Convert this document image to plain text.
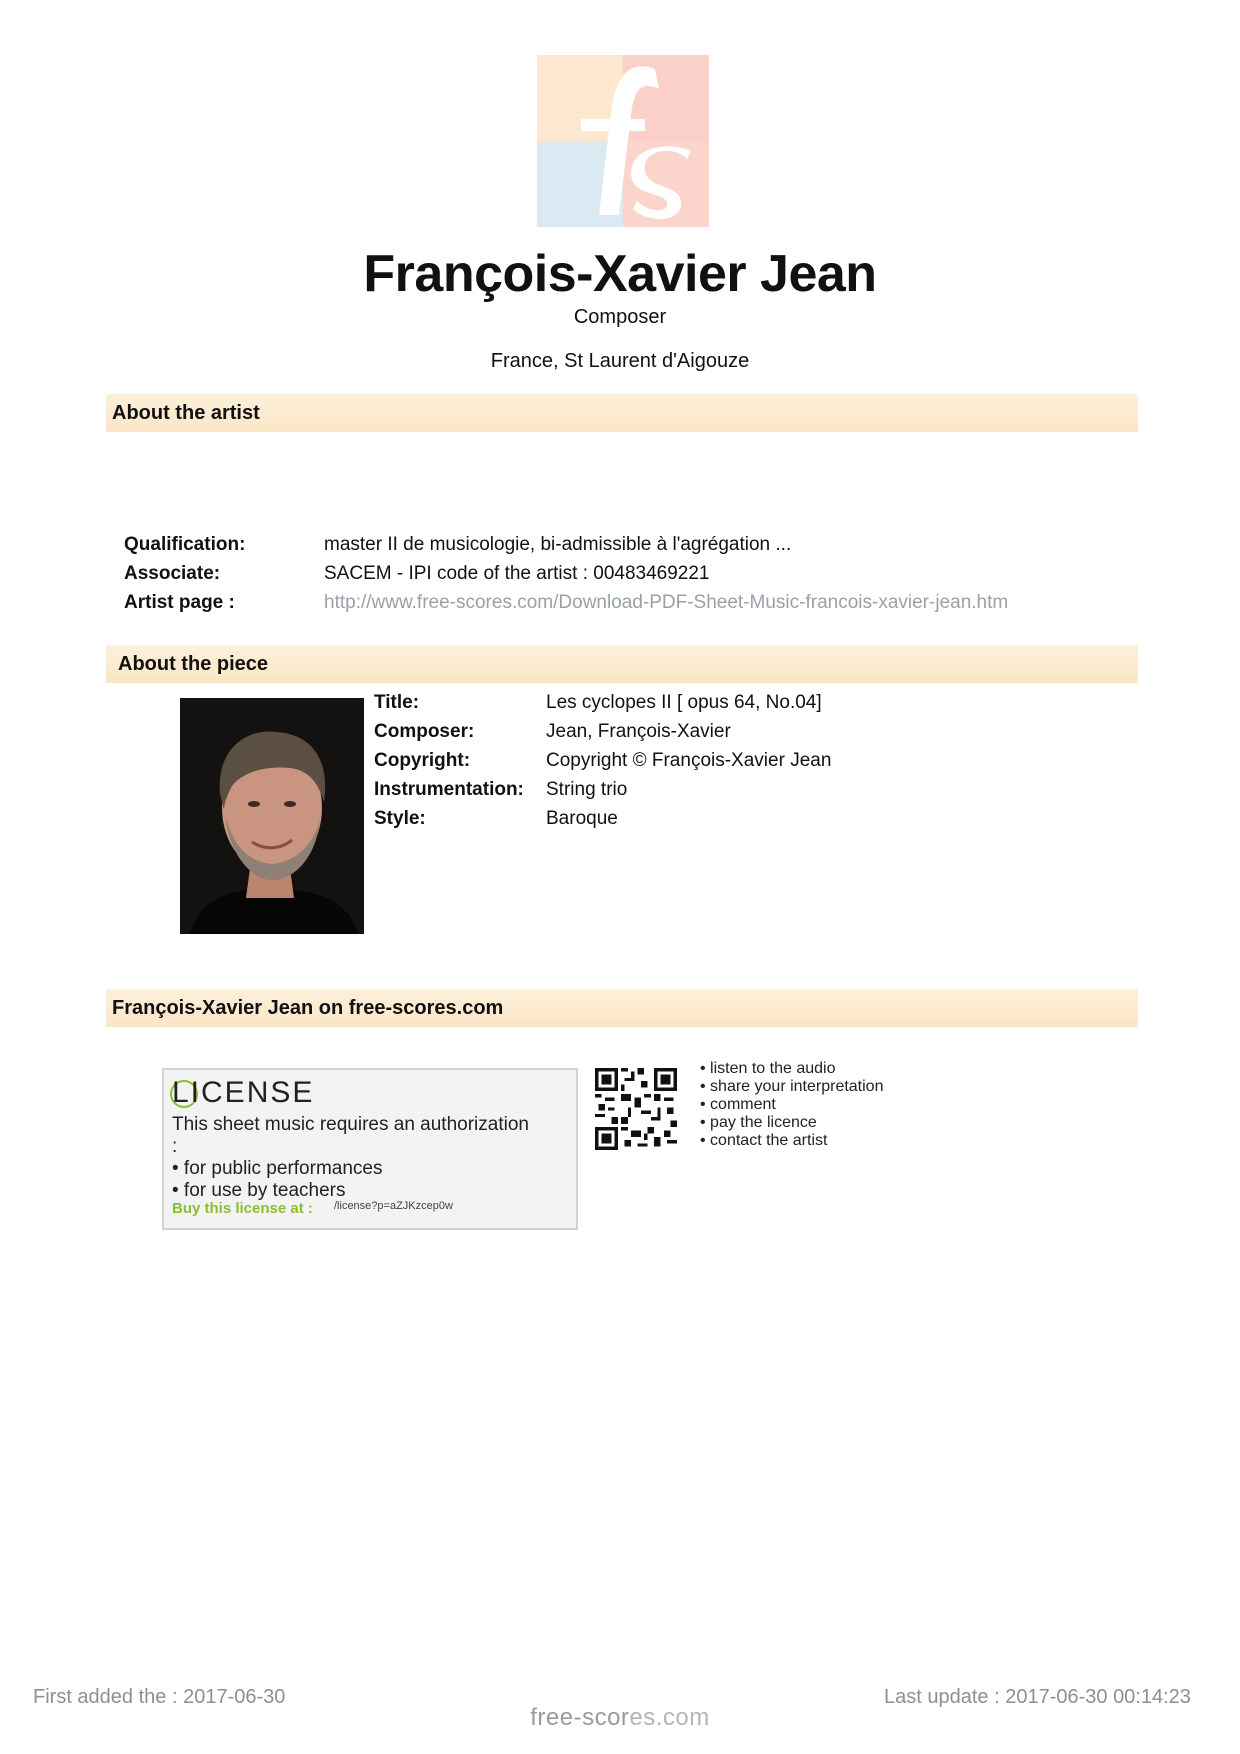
François-Xavier Jean
Composer
France, St Laurent d'Aigouze
About the artist
Qualification:	master II de musicologie, bi-admissible à l'agrégation ...
Associate:	SACEM - IPI code of the artist : 00483469221
Artist page :	http://www.free-scores.com/Download-PDF-Sheet-Music-francois-xavier-jean.htm
About the piece
Title:	Les cyclopes II [ opus 64, No.04]
Composer:	Jean, François-Xavier
Copyright:	Copyright © François-Xavier Jean
Instrumentation: String trio
Style:	Baroque
François-Xavier Jean on free-scores.com
LICENSE
This sheet music requires an authorization
:
• for public performances
• for use by teachers
Buy this license at : /license?p=aZJKzcep0w
• listen to the audio
• share your interpretation
• comment
• pay the licence
• contact the artist
First added the : 2017-06-30	Last update : 2017-06-30 00:14:23
free-scores.com
